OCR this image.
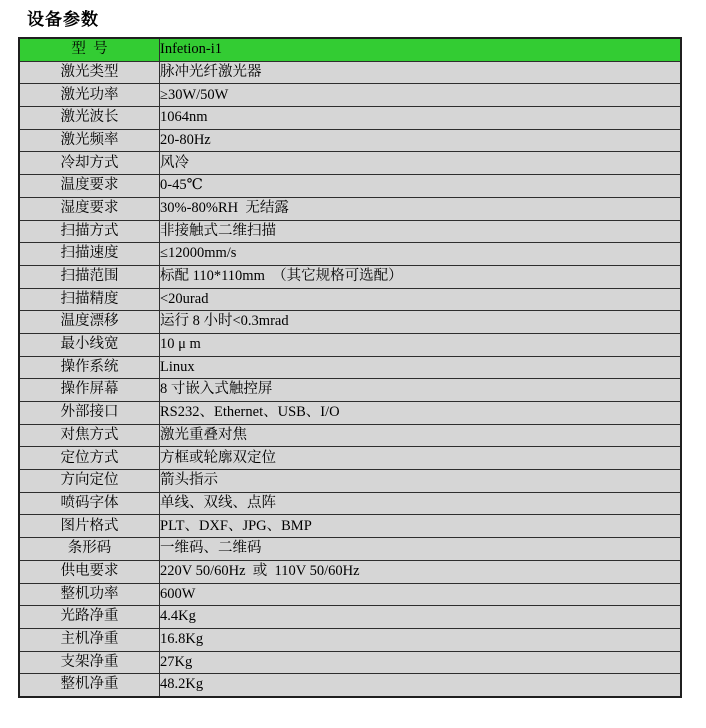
设备参数
型  号	Infetion-i1
激光类型	脉冲光纤激光器
激光功率	≥30W/50W
激光波长	1064nm
激光频率	20-80Hz
冷却方式	风冷
温度要求	0-45℃
湿度要求	30%-80%RH  无结露
扫描方式	非接触式二维扫描
扫描速度	≤12000mm/s
扫描范围	标配 110*110mm  （其它规格可选配）
扫描精度	<20urad
温度漂移	运行 8 小时<0.3mrad
最小线宽	10 μ m
操作系统	Linux
操作屏幕	8 寸嵌入式触控屏
外部接口	RS232、Ethernet、USB、I/O
对焦方式	激光重叠对焦
定位方式	方框或轮廓双定位
方向定位	箭头指示
喷码字体	单线、双线、点阵
图片格式	PLT、DXF、JPG、BMP
条形码	一维码、二维码
供电要求	220V 50/60Hz  或  110V 50/60Hz
整机功率	600W
光路净重	4.4Kg
主机净重	16.8Kg
支架净重	27Kg
整机净重	48.2Kg
